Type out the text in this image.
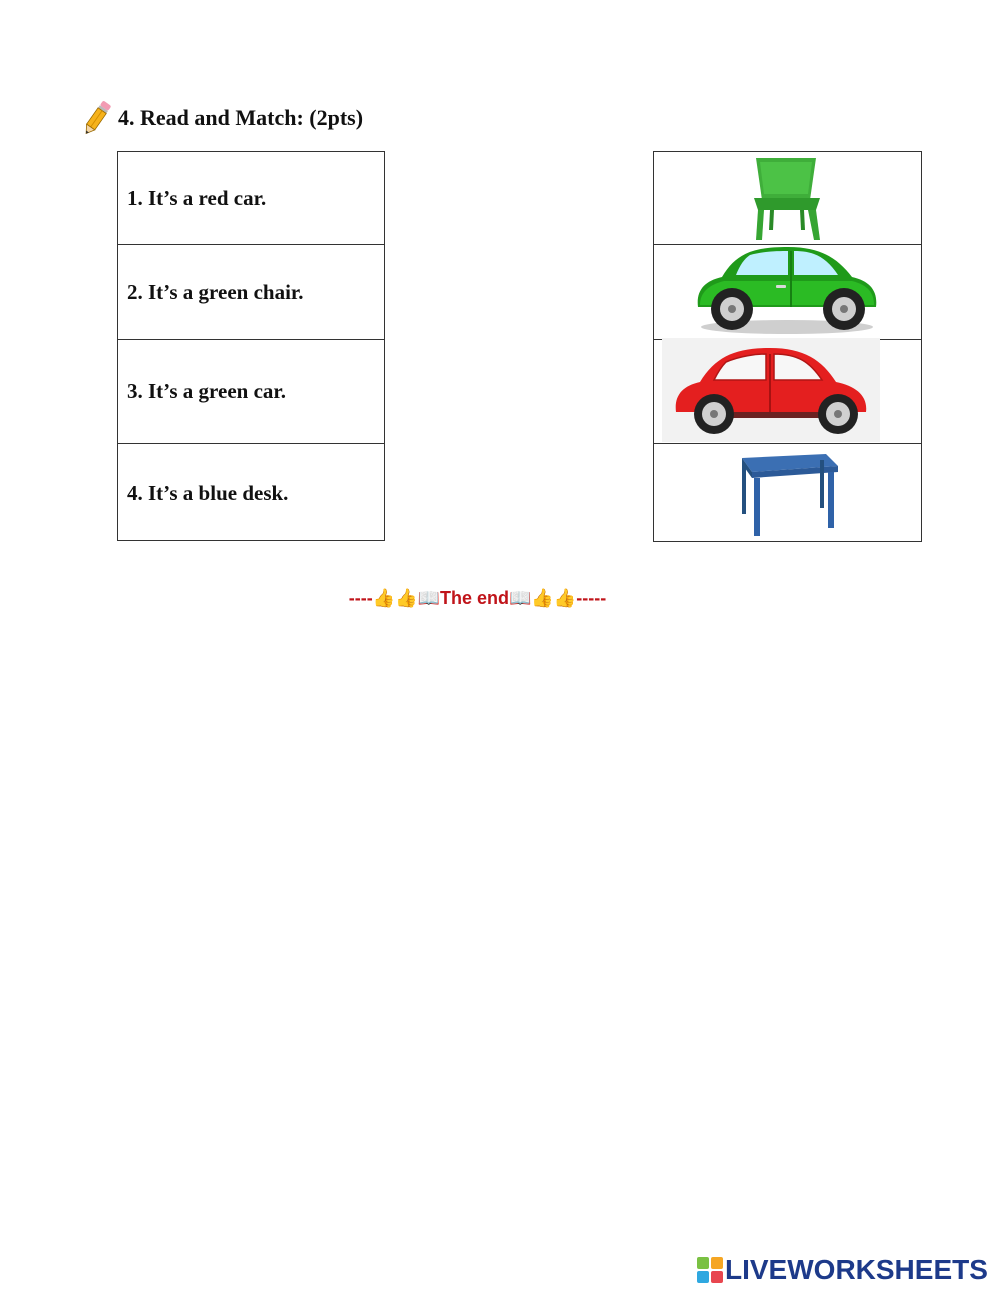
4. Read and Match: (2pts)
1. It’s a red car.
2. It’s a green chair.
3. It’s a green car.
4. It’s a blue desk.
----👍👍📖The end📖👍👍-----
LIVEWORKSHEETS
